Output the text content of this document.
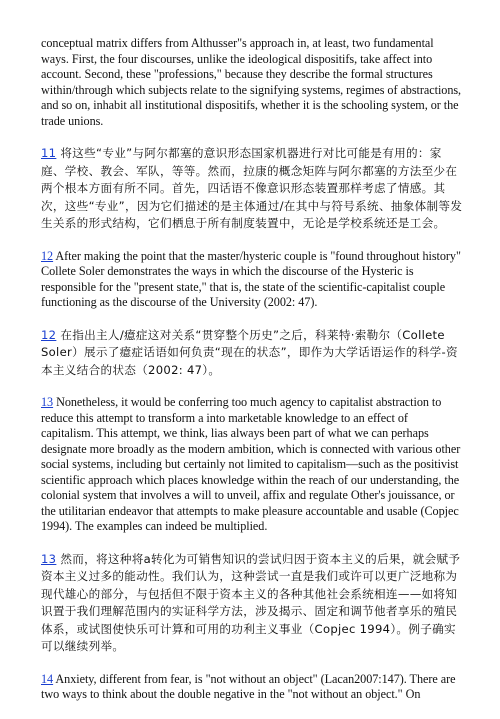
conceptual matrix differs from Althusser"s approach in, at least, two fundamental ways. First, the four discourses, unlike the ideological dispositifs, take affect into account. Second, these "professions," because they describe the formal structures within/through which subjects relate to the signifying systems, regimes of abstractions, and so on, inhabit all institutional dispositifs, whether it is the schooling system, or the trade unions.

11 将这些“专业”与阿尔都塞的意识形态国家机器进行对比可能是有用的：家庭、学校、教会、军队，等等。然而，拉康的概念矩阵与阿尔都塞的方法至少在两个根本方面有所不同。首先，四话语不像意识形态装置那样考虑了情感。其次，这些“专业”，因为它们描述的是主体通过/在其中与符号系统、抽象体制等发生关系的形式结构，它们栖息于所有制度装置中，无论是学校系统还是工会。

12 After making the point that the master/hysteric couple is "found throughout history" Collete Soler demonstrates the ways in which the discourse of the Hysteric is responsible for the "present state," that is, the state of the scientific-capitalist couple functioning as the discourse of the University (2002: 47).

12 在指出主人/癔症这对关系“贯穿整个历史”之后，科莱特·索勒尔（Collete Soler）展示了癔症话语如何负责“现在的状态”，即作为大学话语运作的科学-资本主义结合的状态（2002: 47）。

13 Nonetheless, it would be conferring too much agency to capitalist abstraction to reduce this attempt to transform a into marketable knowledge to an effect of capitalism. This attempt, we think, lias always been part of what we can perhaps designate more broadly as the modern ambition, which is connected with various other social systems, including but certainly not limited to capitalism—such as the positivist scientific approach which places knowledge within the reach of our understanding, the colonial system that involves a will to unveil, affix and regulate Other's jouissance, or the utilitarian endeavor that attempts to make pleasure accountable and usable (Copjec 1994). The examples can indeed be multiplied.

13 然而，将这种将a转化为可销售知识的尝试归因于资本主义的后果，就会赋予资本主义过多的能动性。我们认为，这种尝试一直是我们或许可以更广泛地称为现代雄心的部分，与包括但不限于资本主义的各种其他社会系统相连——如将知识置于我们理解范围内的实证科学方法，涉及揭示、固定和调节他者享乐的殖民体系，或试图使快乐可计算和可用的功利主义事业（Copjec 1994）。例子确实可以继续列举。

14 Anxiety, different from fear, is "not without an object" (Lacan2007:147). There are two ways to think about the double negative in the "not without an object." On
